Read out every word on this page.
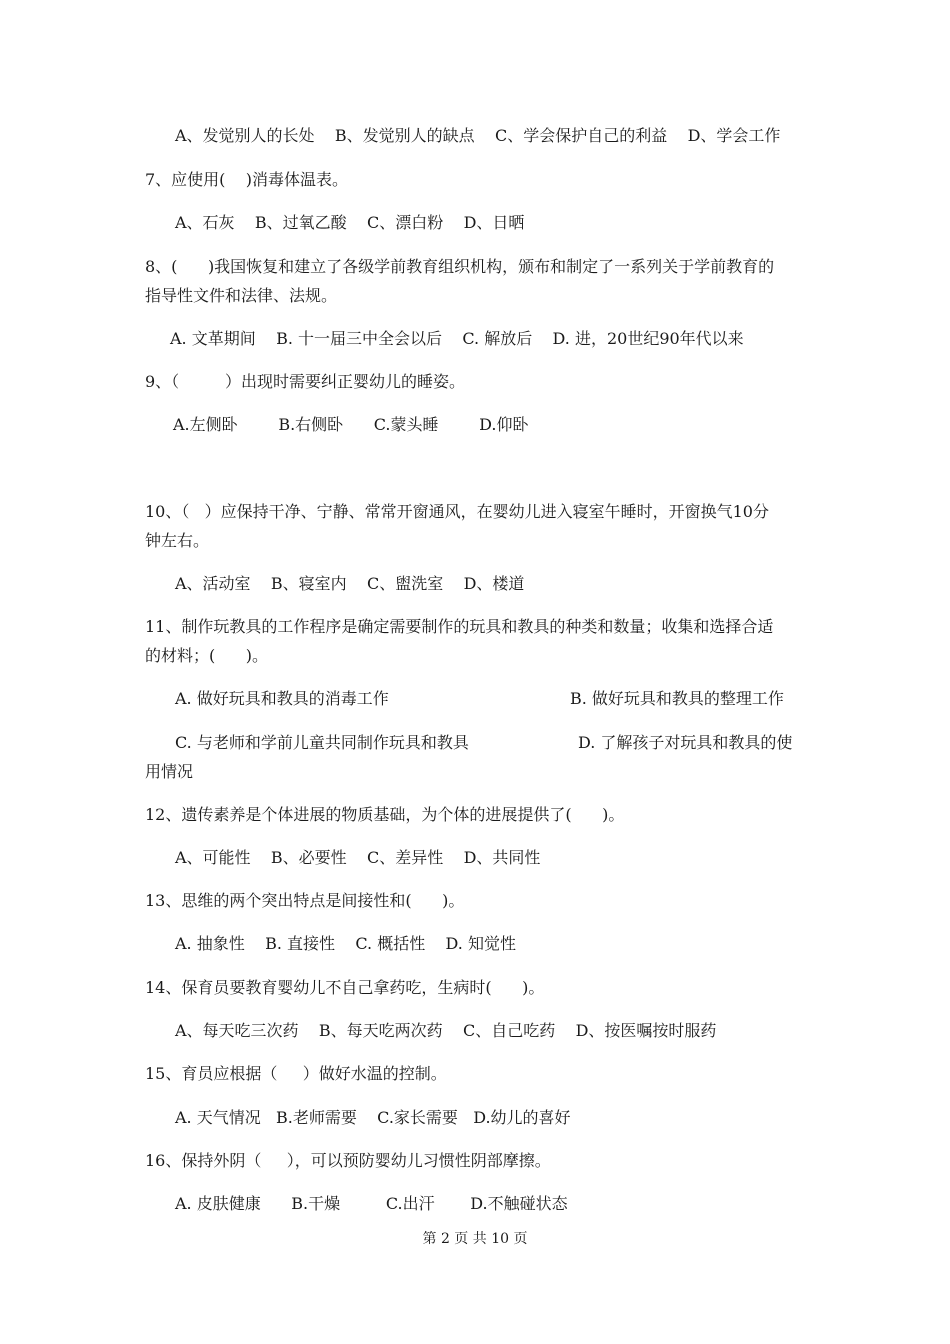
A、发觉别人的长处    B、发觉别人的缺点    C、学会保护自己的利益    D、学会工作
7、应使用(    )消毒体温表。
A、石灰    B、过氧乙酸    C、漂白粉    D、日晒
8、(      )我国恢复和建立了各级学前教育组织机构，颁布和制定了一系列关于学前教育的
指导性文件和法律、法规。
A. 文革期间    B. 十一届三中全会以后    C. 解放后    D. 进，20世纪90年代以来
9、（         ）出现时需要纠正婴幼儿的睡姿。
A.左侧卧        B.右侧卧      C.蒙头睡        D.仰卧
10、（   ）应保持干净、宁静、常常开窗通风，在婴幼儿进入寝室午睡时，开窗换气10分
钟左右。
A、活动室    B、寝室内    C、盥洗室    D、楼道
11、制作玩教具的工作程序是确定需要制作的玩具和教具的种类和数量；收集和选择合适
的材料；(      )。
A. 做好玩具和教具的消毒工作	B. 做好玩具和教具的整理工作
C. 与老师和学前儿童共同制作玩具和教具	D. 了解孩子对玩具和教具的使
用情况
12、遗传素养是个体进展的物质基础，为个体的进展提供了(      )。
A、可能性    B、必要性    C、差异性    D、共同性
13、思维的两个突出特点是间接性和(      )。
A. 抽象性    B. 直接性    C. 概括性    D. 知觉性
14、保育员要教育婴幼儿不自己拿药吃，生病时(      )。
A、每天吃三次药    B、每天吃两次药    C、自己吃药    D、按医嘱按时服药
15、育员应根据（     ）做好水温的控制。
A. 天气情况   B.老师需要    C.家长需要   D.幼儿的喜好
16、保持外阴（     ），可以预防婴幼儿习惯性阴部摩擦。
A. 皮肤健康      B.干燥         C.出汗       D.不触碰状态
第 2 页 共 10 页
